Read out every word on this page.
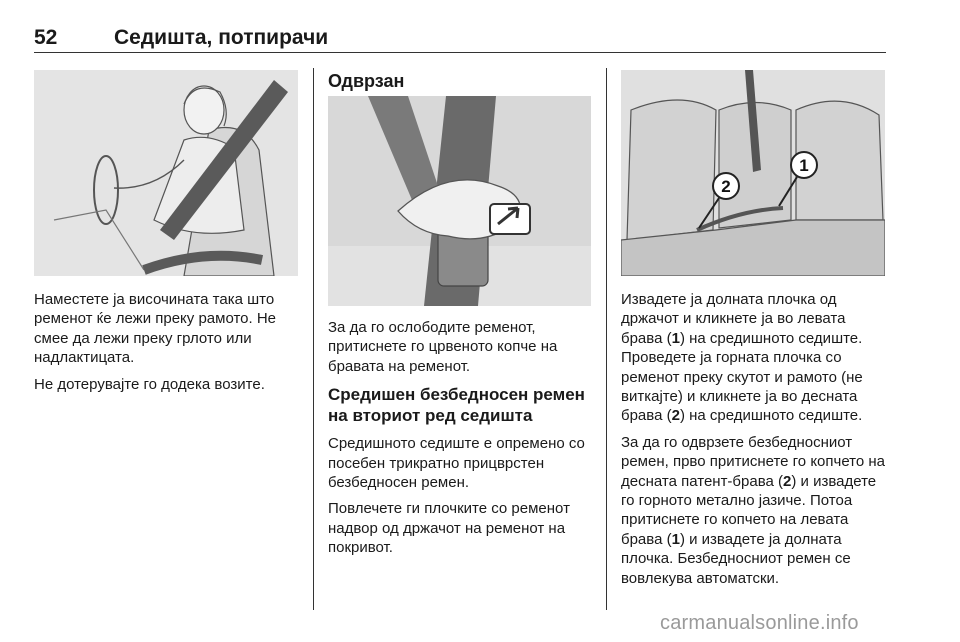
52	Седишта, потпирачи

Наместете ја височината така што ременот ќе лежи преку рамото. Не смее да лежи преку грлото или надлактицата.

Не дотерувајте го додека возите.

Одврзан

За да го ослободите ременот, притиснете го црвеното копче на бравата на ременот.

Средишен безбедносен ремен на вториот ред седишта

Средишното седиште е опремено со посебен трикратно прицврстен безбедносен ремен.

Повлечете ги плочките со ременот надвор од држачот на ременот на покривот.

2
1

Извадете ја долната плочка од држачот и кликнете ја во левата брава (1) на средишното седиште. Проведете ја горната плочка со ременот преку скутот и рамото (не виткајте) и кликнете ја во десната брава (2) на средишното седиште.

За да го одврзете безбедносниот ремен, прво притиснете го копчето на десната патент-брава (2) и извадете го горното метално јазиче. Потоа притиснете го копчето на левата брава (1) и извадете ја долната плочка. Безбедносниот ремен се вовлекува автоматски.

carmanualsonline.info
